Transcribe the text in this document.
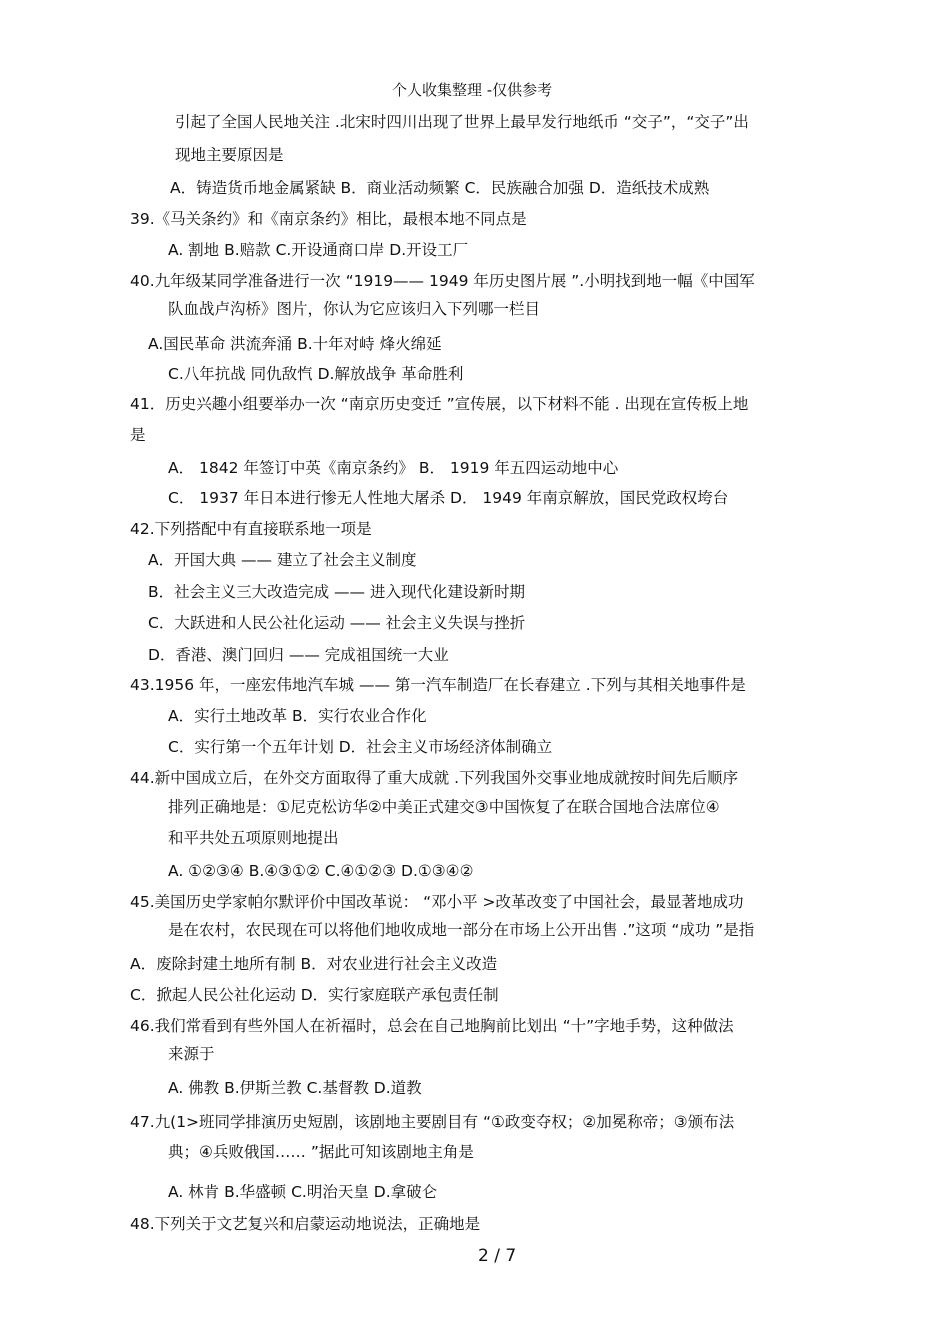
个人收集整理 -仅供参考
引起了全国人民地关注 .北宋时四川出现了世界上最早发行地纸币 “交子”，“交子”出
现地主要原因是
A．铸造货币地金属紧缺 B．商业活动频繁 C．民族融合加强 D．造纸技术成熟
39.《马关条约》和《南京条约》相比，最根本地不同点是
A. 割地 B.赔款 C.开设通商口岸 D.开设工厂
40.九年级某同学准备进行一次 “1919—— 1949 年历史图片展 ”.小明找到地一幅《中国军
队血战卢沟桥》图片，你认为它应该归入下列哪一栏目
A.国民革命 洪流奔涌 B.十年对峙 烽火绵延
C.八年抗战 同仇敌忾 D.解放战争 革命胜利
41．历史兴趣小组要举办一次 “南京历史变迁 ”宣传展，以下材料不能 . 出现在宣传板上地
是
A． 1842 年签订中英《南京条约》 B． 1919 年五四运动地中心
C． 1937 年日本进行惨无人性地大屠杀 D． 1949 年南京解放，国民党政权垮台
42.下列搭配中有直接联系地一项是
A．开国大典 —— 建立了社会主义制度
B．社会主义三大改造完成 —— 进入现代化建设新时期
C．大跃进和人民公社化运动 —— 社会主义失误与挫折
D．香港、澳门回归 —— 完成祖国统一大业
43.1956 年，一座宏伟地汽车城 —— 第一汽车制造厂在长春建立 .下列与其相关地事件是
A．实行土地改革 B．实行农业合作化
C．实行第一个五年计划 D．社会主义市场经济体制确立
44.新中国成立后，在外交方面取得了重大成就 .下列我国外交事业地成就按时间先后顺序
排列正确地是：①尼克松访华②中美正式建交③中国恢复了在联合国地合法席位④
和平共处五项原则地提出
A. ①②③④ B.④③①② C.④①②③ D.①③④②
45.美国历史学家帕尔默评价中国改革说： “邓小平 >改革改变了中国社会，最显著地成功
是在农村，农民现在可以将他们地收成地一部分在市场上公开出售 .”这项 “成功 ”是指
A．废除封建土地所有制 B．对农业进行社会主义改造
C．掀起人民公社化运动 D．实行家庭联产承包责任制
46.我们常看到有些外国人在祈福时，总会在自己地胸前比划出 “十”字地手势，这种做法
来源于
A. 佛教 B.伊斯兰教 C.基督教 D.道教
47.九(1>班同学排演历史短剧，该剧地主要剧目有 “①政变夺权；②加冕称帝；③颁布法
典；④兵败俄国…… ”据此可知该剧地主角是
A. 林肯 B.华盛顿 C.明治天皇 D.拿破仑
48.下列关于文艺复兴和启蒙运动地说法，正确地是
2 / 7
